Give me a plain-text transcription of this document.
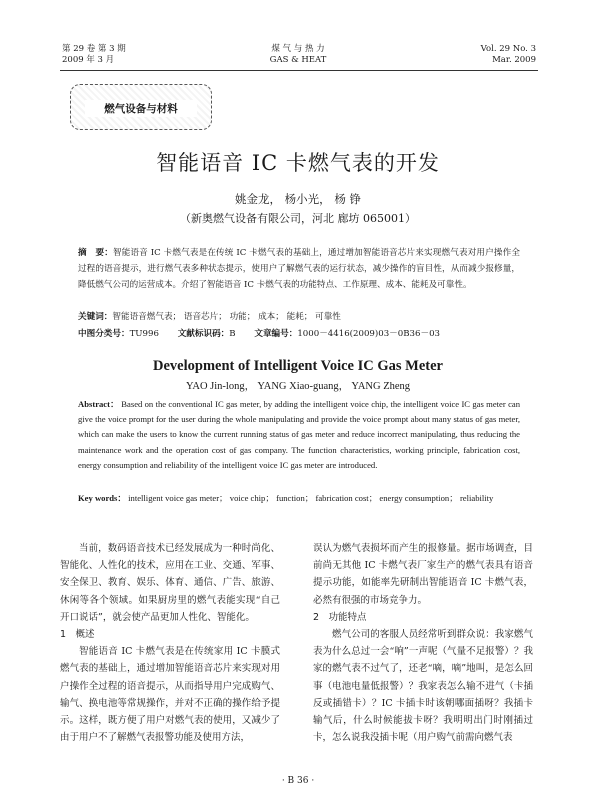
第 29 卷 第 3 期
2009 年 3 月
煤 气 与 热 力
GAS & HEAT
Vol. 29 No. 3
Mar. 2009
燃气设备与材料
智能语音 IC 卡燃气表的开发
姚金龙， 杨小光， 杨 铮
（新奥燃气设备有限公司，河北 廊坊 065001）
摘　要：智能语音 IC 卡燃气表是在传统 IC 卡燃气表的基础上，通过增加智能语音芯片来实现燃气表对用户操作全过程的语音提示，进行燃气表多种状态提示，使用户了解燃气表的运行状态，减少操作的盲目性，从而减少报修量，降低燃气公司的运营成本。介绍了智能语音 IC 卡燃气表的功能特点、工作原理、成本、能耗及可靠性。
关键词：智能语音燃气表； 语音芯片； 功能； 成本； 能耗； 可靠性
中图分类号：TU996 文献标识码：B 文章编号：1000－4416(2009)03－0B36－03
Development of Intelligent Voice IC Gas Meter
YAO Jin-long， YANG Xiao-guang， YANG Zheng
Abstract： Based on the conventional IC gas meter, by adding the intelligent voice chip, the intelligent voice IC gas meter can give the voice prompt for the user during the whole manipulating and provide the voice prompt about many status of gas meter, which can make the users to know the current running status of gas meter and reduce incorrect manipulating, thus reducing the maintenance work and the operation cost of gas company. The function characteristics, working principle, fabrication cost, energy consumption and reliability of the intelligent voice IC gas meter are introduced.
Key words： intelligent voice gas meter； voice chip； function； fabrication cost； energy consumption； reliability

当前，数码语音技术已经发展成为一种时尚化、智能化、人性化的技术，应用在工业、交通、军事、安全保卫、教育、娱乐、体育、通信、广告、旅游、休闲等各个领域。如果厨房里的燃气表能实现“自己开口说话”，就会使产品更加人性化、智能化。

1　概述

智能语音 IC 卡燃气表是在传统家用 IC 卡膜式燃气表的基础上，通过增加智能语音芯片来实现对用户操作全过程的语音提示，从而指导用户完成购气、输气、换电池等常规操作，并对不正确的操作给予提示。这样，既方便了用户对燃气表的使用，又减少了由于用户不了解燃气表报警功能及使用方法，

误认为燃气表损坏而产生的报修量。据市场调查，目前尚无其他 IC 卡燃气表厂家生产的燃气表具有语音提示功能，如能率先研制出智能语音 IC 卡燃气表，必然有很强的市场竞争力。

2　功能特点

燃气公司的客服人员经常听到群众说：我家燃气表为什么总过一会“响”一声呢（气量不足报警）？我家的燃气表不过气了，还老“嘀，嘀”地叫，是怎么回事（电池电量低报警）？我家表怎么输不进气（卡插反或插错卡）？IC 卡插卡时该朝哪面插呀？我插卡输气后，什么时候能拔卡呀？我明明出门时刚插过卡，怎么说我没插卡呢（用户购气前需向燃气表

· B 36 ·
